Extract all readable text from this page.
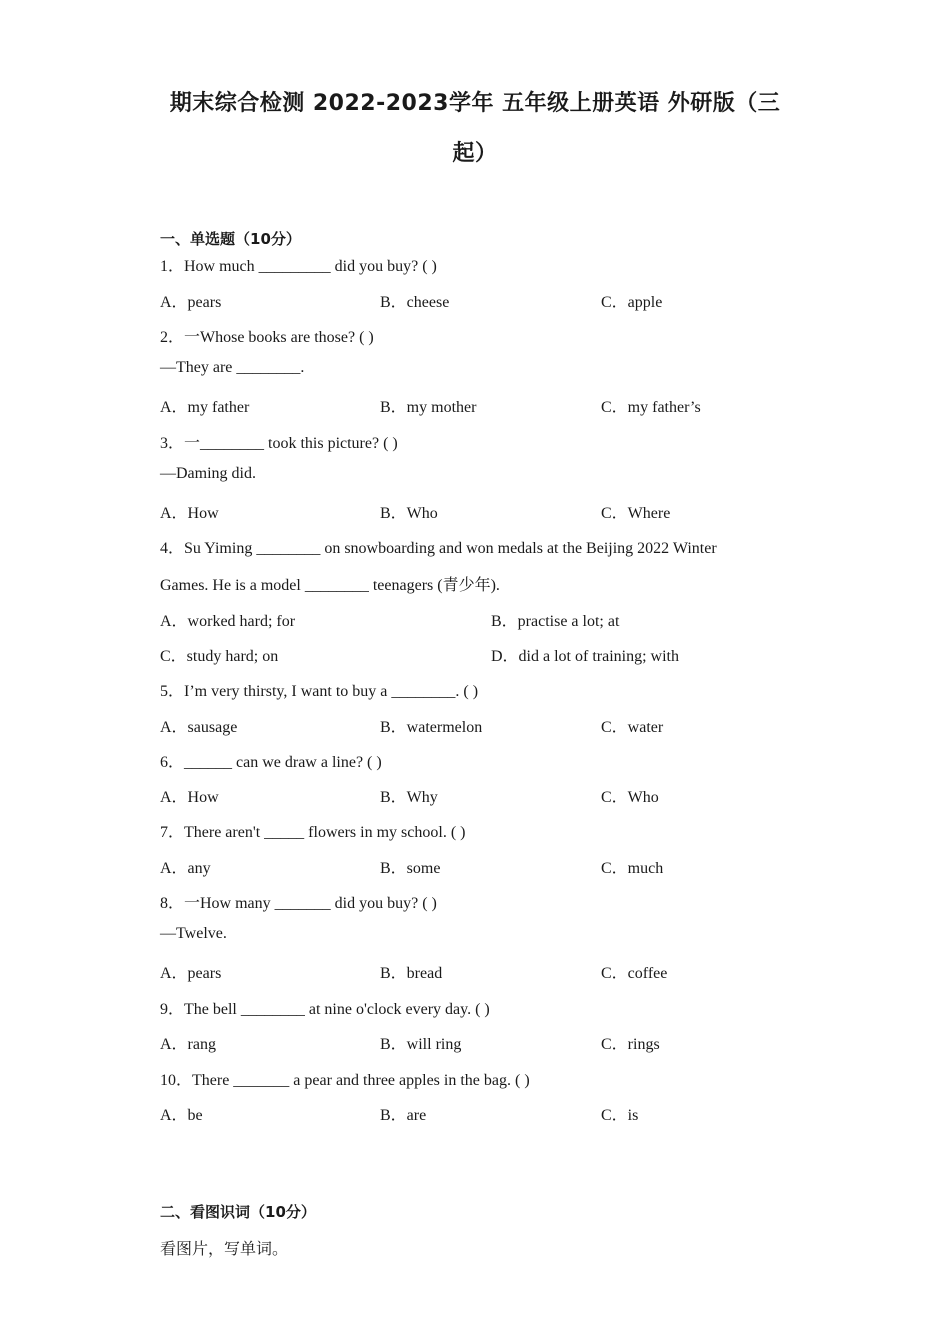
期末综合检测 2022-2023学年 五年级上册英语 外研版（三
起）
一、单选题（10分）
1．How much _________ did you buy? ( )
A．pears	B．cheese	C．apple
2．一Whose books are those? ( )
—They are ________.
A．my father	B．my mother	C．my father’s
3．一________ took this picture? ( )
—Daming did.
A．How	B．Who	C．Where
4．Su Yiming ________ on snowboarding and won medals at the Beijing 2022 Winter
Games. He is a model ________ teenagers (青少年).
A．worked hard; for	B．practise a lot; at
C．study hard; on	D．did a lot of training; with
5．I’m very thirsty, I want to buy a ________. ( )
A．sausage	B．watermelon	C．water
6．______ can we draw a line? ( )
A．How	B．Why	C．Who
7．There aren't _____ flowers in my school. ( )
A．any	B．some	C．much
8．一How many _______ did you buy? ( )
—Twelve.
A．pears	B．bread	C．coffee
9．The bell ________ at nine o'clock every day. ( )
A．rang	B．will ring	C．rings
10．There _______ a pear and three apples in the bag. ( )
A．be	B．are	C．is
二、看图识词（10分）
看图片，写单词。
